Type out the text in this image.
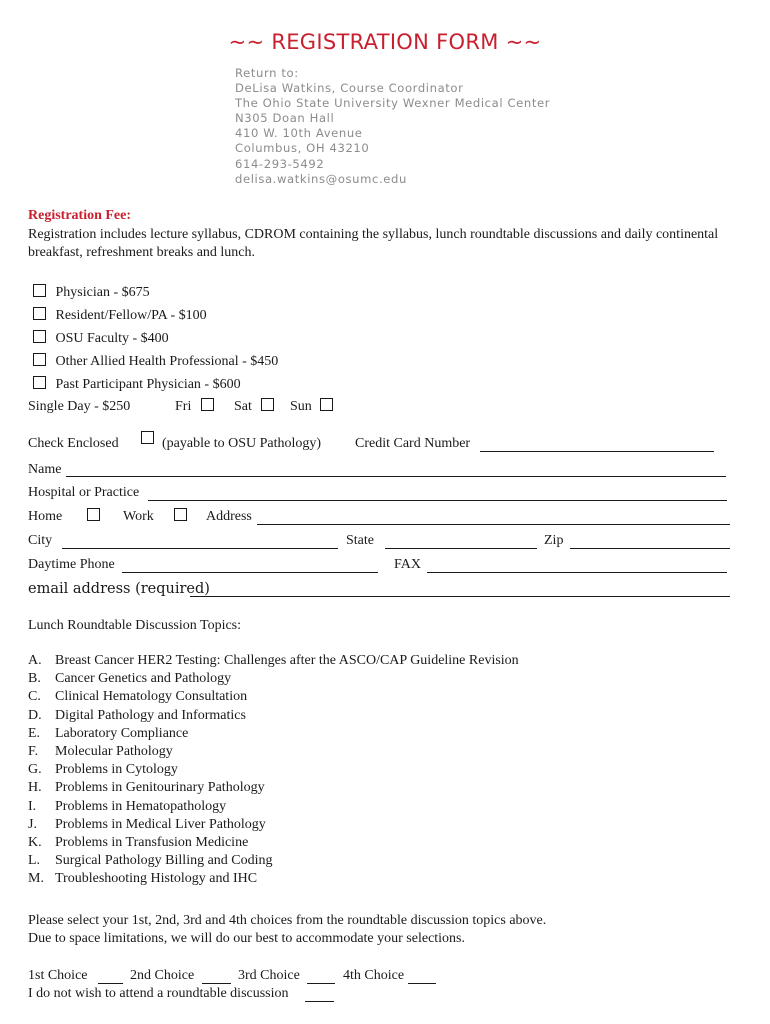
~~ REGISTRATION FORM ~~
Return to:
DeLisa Watkins, Course Coordinator
The Ohio State University Wexner Medical Center
N305 Doan Hall
410 W. 10th Avenue
Columbus, OH 43210
614-293-5492
delisa.watkins@osumc.edu
Registration Fee:
Registration includes lecture syllabus, CDROM containing the syllabus, lunch roundtable discussions and daily continental breakfast, refreshment breaks and lunch.
Physician - $675
Resident/Fellow/PA - $100
OSU Faculty - $400
Other Allied Health Professional - $450
Past Participant Physician - $600
Single Day - $250	Fri	Sat	Sun
Check Enclosed	(payable to OSU Pathology) Credit Card Number
Name
Hospital or Practice
Home	Work	Address
City	State	Zip
Daytime Phone	FAX
email address (required)
Lunch Roundtable Discussion Topics:
A. Breast Cancer HER2 Testing: Challenges after the ASCO/CAP Guideline Revision
B.	Cancer Genetics and Pathology
C.	Clinical Hematology Consultation
D. Digital Pathology and Informatics
E.	Laboratory Compliance
F.	Molecular Pathology
G. Problems in Cytology
H. Problems in Genitourinary Pathology
I.	Problems in Hematopathology
J.	Problems in Medical Liver Pathology
K. Problems in Transfusion Medicine
L.	Surgical Pathology Billing and Coding
M. Troubleshooting Histology and IHC
Please select your 1st, 2nd, 3rd and 4th choices from the roundtable discussion topics above.
Due to space limitations, we will do our best to accommodate your selections.
1st Choice	2nd Choice	3rd Choice	4th Choice
I do not wish to attend a roundtable discussion
